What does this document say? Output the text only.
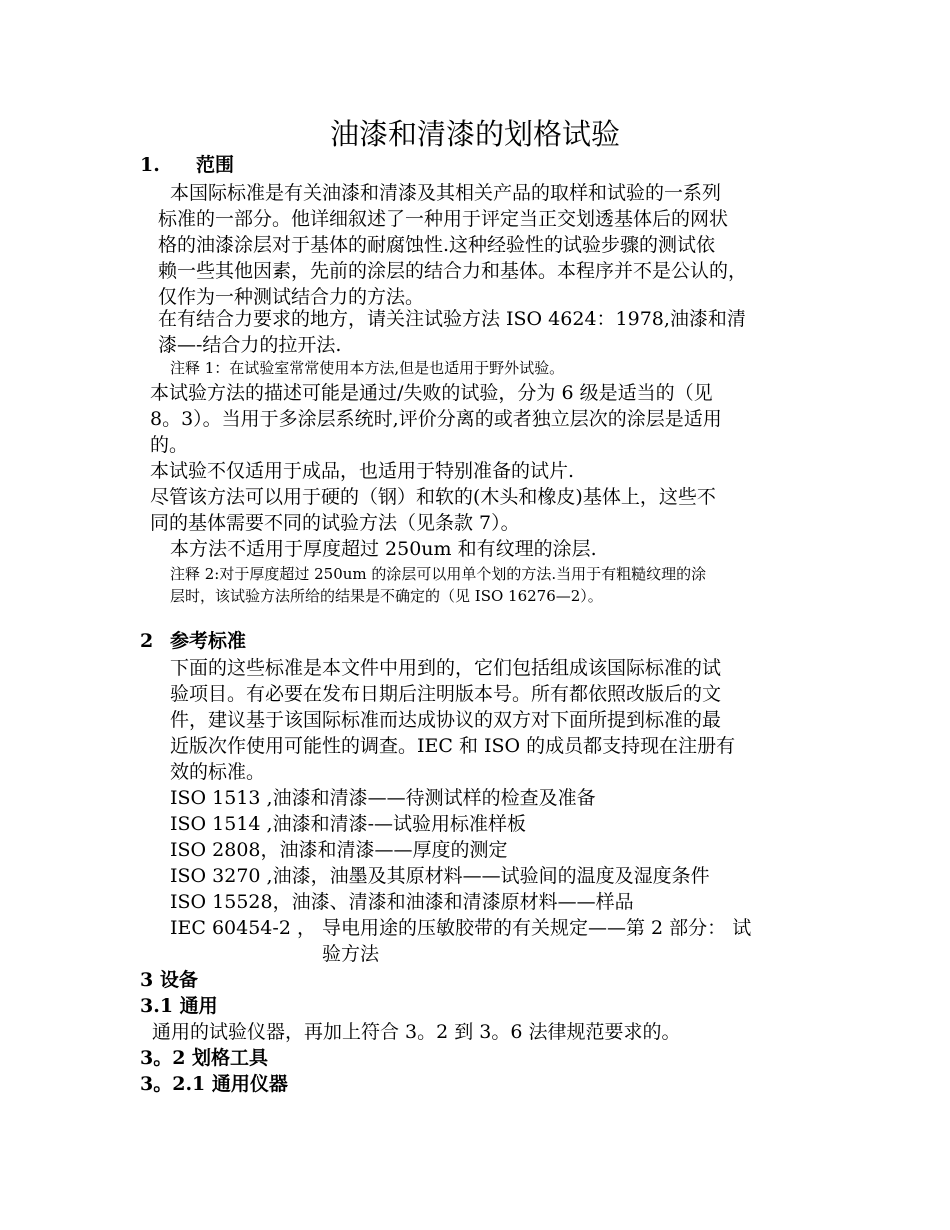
油漆和清漆的划格试验
1. 范围
本国际标准是有关油漆和清漆及其相关产品的取样和试验的一系列
标准的一部分。他详细叙述了一种用于评定当正交划透基体后的网状
格的油漆涂层对于基体的耐腐蚀性.这种经验性的试验步骤的测试依
赖一些其他因素，先前的涂层的结合力和基体。本程序并不是公认的，
仅作为一种测试结合力的方法。
在有结合力要求的地方，请关注试验方法 ISO 4624：1978,油漆和清
漆—-结合力的拉开法.
注释 1：在试验室常常使用本方法,但是也适用于野外试验。
本试验方法的描述可能是通过/失败的试验，分为 6 级是适当的（见
8。3）。当用于多涂层系统时,评价分离的或者独立层次的涂层是适用
的。
本试验不仅适用于成品，也适用于特别准备的试片.
尽管该方法可以用于硬的（钢）和软的(木头和橡皮)基体上，这些不
同的基体需要不同的试验方法（见条款 7）。
本方法不适用于厚度超过 250um 和有纹理的涂层.
注释 2:对于厚度超过 250um 的涂层可以用单个划的方法.当用于有粗糙纹理的涂
层时，该试验方法所给的结果是不确定的（见 ISO 16276—2）。
2 参考标准
下面的这些标准是本文件中用到的，它们包括组成该国际标准的试
验项目。有必要在发布日期后注明版本号。所有都依照改版后的文
件，建议基于该国际标准而达成协议的双方对下面所提到标准的最
近版次作使用可能性的调查。IEC 和 ISO 的成员都支持现在注册有
效的标准。
ISO 1513 ,油漆和清漆——待测试样的检查及准备
ISO 1514 ,油漆和清漆-—试验用标准样板
ISO 2808，油漆和清漆——厚度的测定
ISO 3270 ,油漆，油墨及其原材料——试验间的温度及湿度条件
ISO 15528，油漆、清漆和油漆和清漆原材料——样品
IEC 60454-2 ， 导电用途的压敏胶带的有关规定——第 2 部分： 试
验方法
3 设备
3.1 通用
通用的试验仪器，再加上符合 3。2 到 3。6 法律规范要求的。
3。2 划格工具
3。2.1 通用仪器
